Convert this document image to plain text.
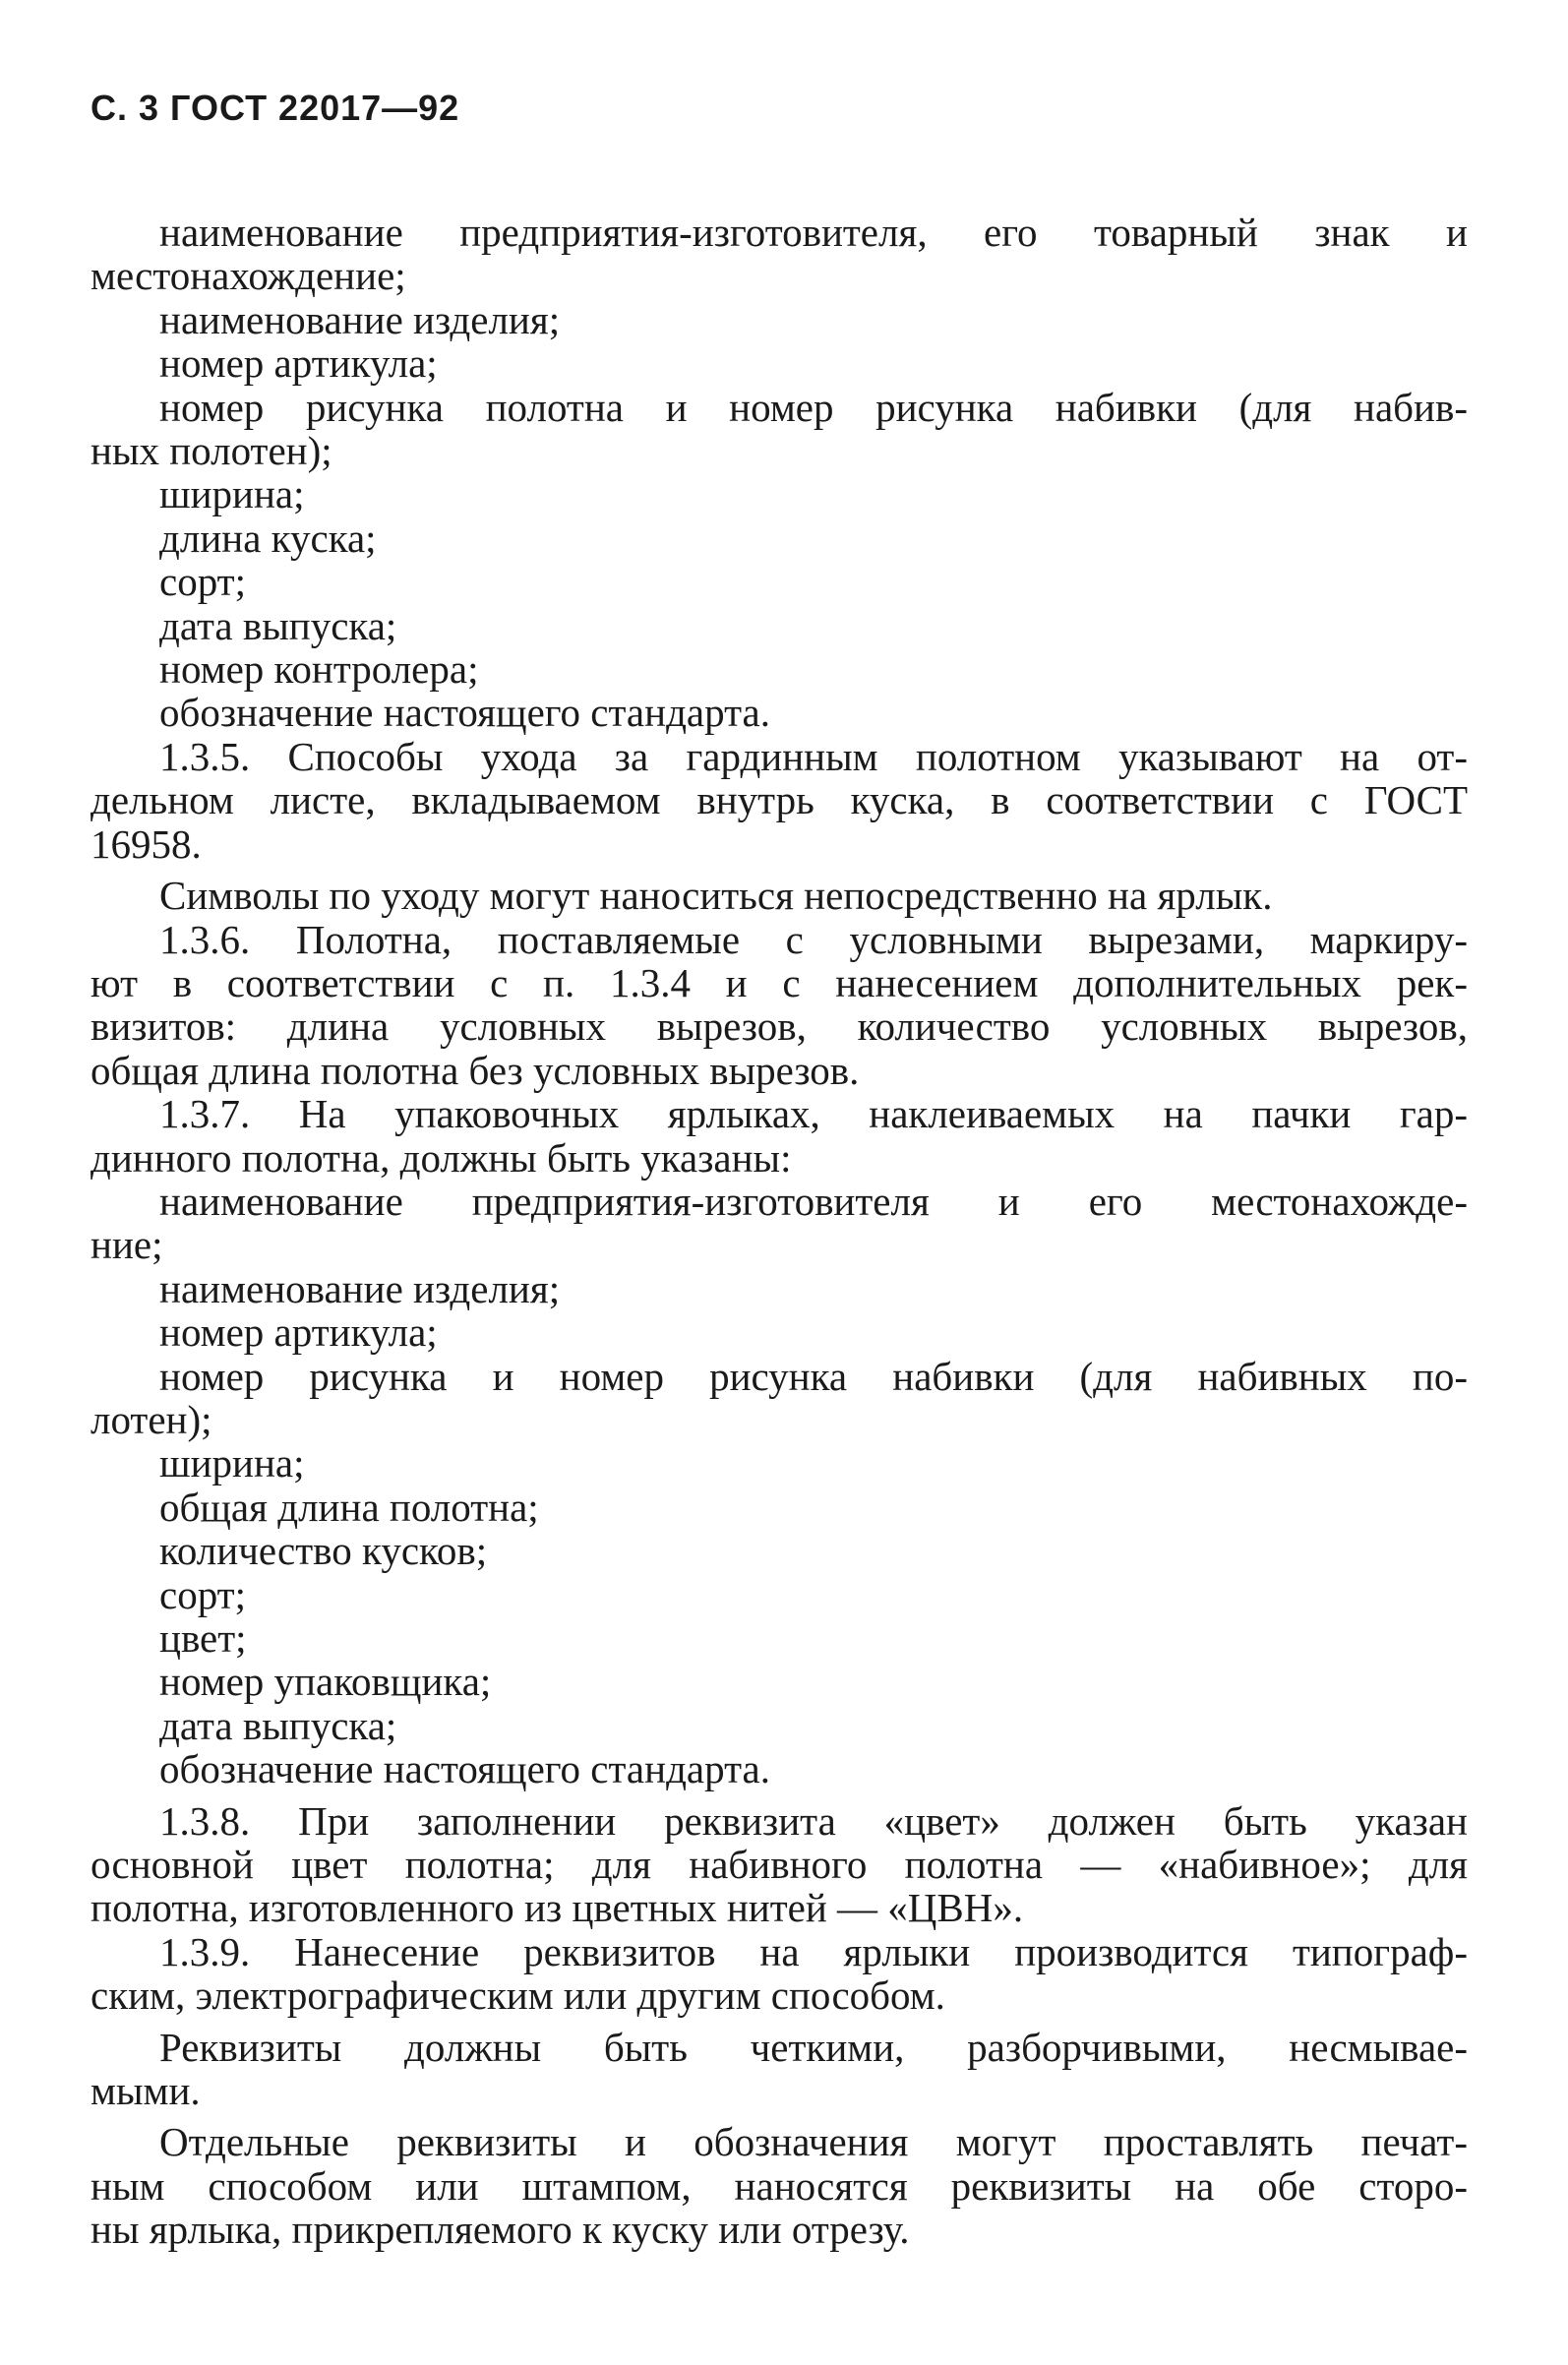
С. 3 ГОСТ 22017—92
наименование предприятия-изготовителя, его товарный знак и
местонахождение;
наименование изделия;
номер артикула;
номер рисунка полотна и номер рисунка набивки (для набив-
ных полотен);
ширина;
длина куска;
сорт;
дата выпуска;
номер контролера;
обозначение настоящего стандарта.
1.3.5. Способы ухода за гардинным полотном указывают на от-
дельном листе, вкладываемом внутрь куска, в соответствии с ГОСТ
16958.
Символы по уходу могут наноситься непосредственно на ярлык.
1.3.6. Полотна, поставляемые с условными вырезами, маркиру-
ют в соответствии с п. 1.3.4 и с нанесением дополнительных рек-
визитов: длина условных вырезов, количество условных вырезов,
общая длина полотна без условных вырезов.
1.3.7. На упаковочных ярлыках, наклеиваемых на пачки гар-
динного полотна, должны быть указаны:
наименование предприятия-изготовителя и его местонахожде-
ние;
наименование изделия;
номер артикула;
номер рисунка и номер рисунка набивки (для набивных по-
лотен);
ширина;
общая длина полотна;
количество кусков;
сорт;
цвет;
номер упаковщика;
дата выпуска;
обозначение настоящего стандарта.
1.3.8. При заполнении реквизита «цвет» должен быть указан
основной цвет полотна; для набивного полотна — «набивное»; для
полотна, изготовленного из цветных нитей — «ЦВН».
1.3.9. Нанесение реквизитов на ярлыки производится типограф-
ским, электрографическим или другим способом.
Реквизиты должны быть четкими, разборчивыми, несмывае-
мыми.
Отдельные реквизиты и обозначения могут проставлять печат-
ным способом или штампом, наносятся реквизиты на обе сторо-
ны ярлыка, прикрепляемого к куску или отрезу.
